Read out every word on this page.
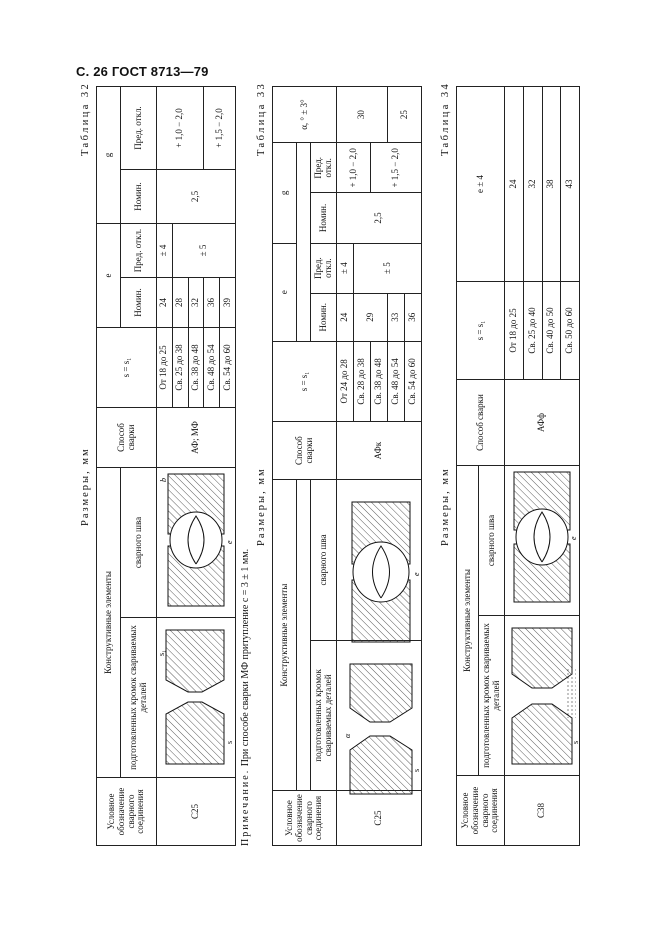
С. 26 ГОСТ 8713—79
Таблица 32
Размеры, мм
Условное обозначение сварного соединения	Конструктивные элементы		Способ сварки	s = s₁	e		g	
	подготовленных кромок свариваемых деталей	сварного шва			Номин.	Пред. откл.	Номин.	Пред. откл.
С25			АФ; МФ	От 18 до 25	24	± 4	2,5	+ 1,0 − 2,0
				Св. 25 до 38	28	± 5		
				Св. 38 до 48	32			
				Св. 48 до 54	36			+ 1,5 − 2,0
				Св. 54 до 60	39			
s
s₁
e
b
Примечание. При способе сварки МФ притупление c = 3 ± 1 мм.
Таблица 33
Размеры, мм
Условное обозначение сварного соединения	Конструктивные элементы		Способ сварки	s = s₁	e		g		α, ° ± 3°

	подготовленных кромок свариваемых деталей	сварного шва			Номин.	Пред. откл.	Номин.	Пред. откл.	
С25			АФк	От 24 до 28	24	± 4	2,5	+ 1,0 − 2,0	30
				Св. 28 до 38	29	± 5			
				Св. 38 до 48				+ 1,5 − 2,0	
				Св. 48 до 54	33				25
				Св. 54 до 60	36				
α
s
e
Таблица 34
Размеры, мм
Условное обозначение сварного соединения	Конструктивные элементы		Способ сварки	s = s₁	e ± 4
	подготовленных кромок свариваемых деталей	сварного шва			
С38			АФф	От 18 до 25	24
				Св. 25 до 40	32
				Св. 40 до 50	38
				Св. 50 до 60	43
s
e
